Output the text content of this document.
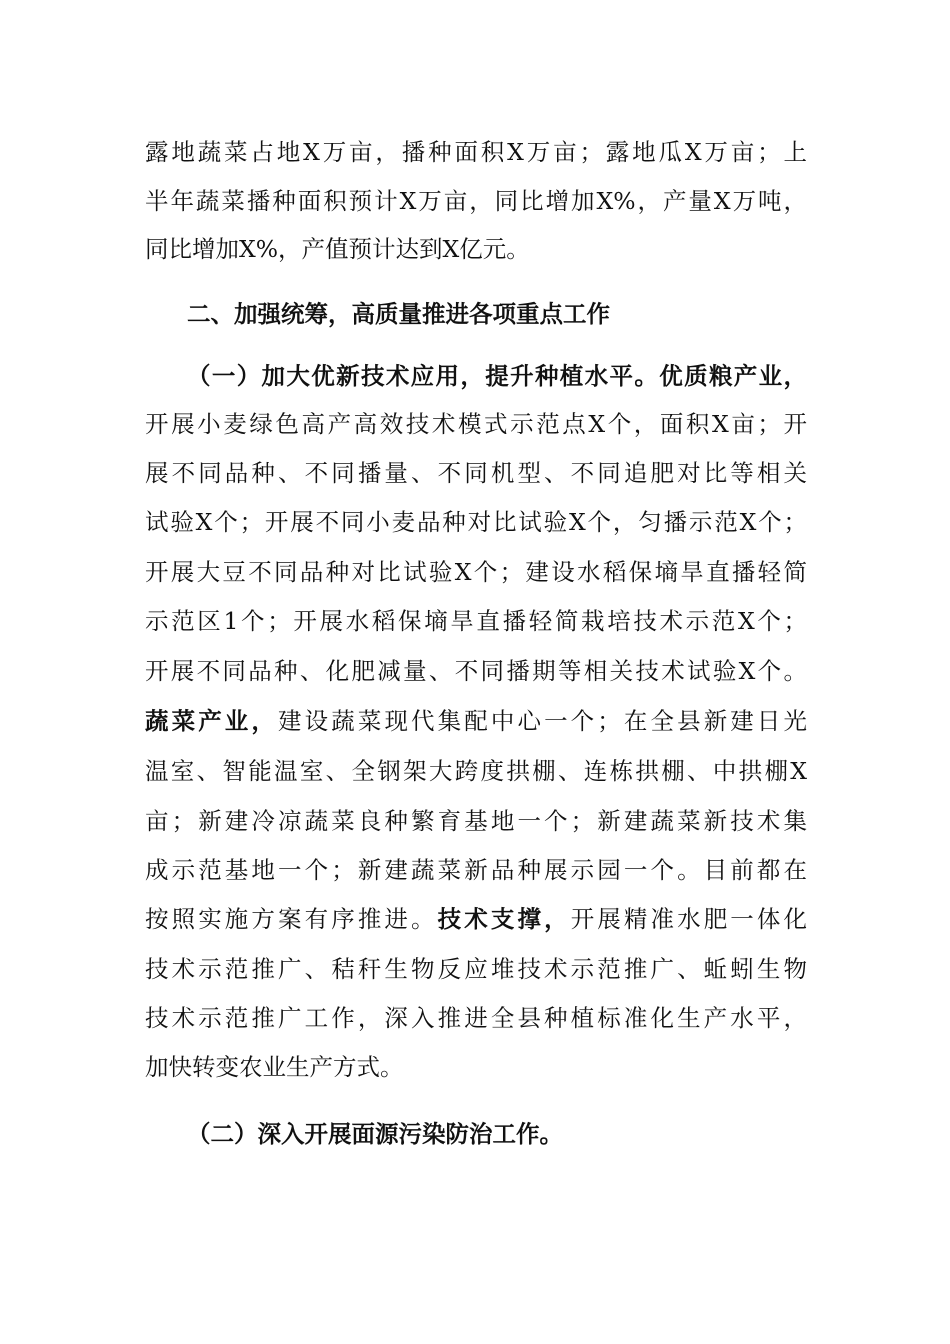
露地蔬菜占地X万亩，播种面积X万亩；露地瓜X万亩；上
半年蔬菜播种面积预计X万亩，同比增加X%，产量X万吨，
同比增加X%，产值预计达到X亿元。
二、加强统筹，高质量推进各项重点工作
（一）加大优新技术应用，提升种植水平。优质粮产业，
开展小麦绿色高产高效技术模式示范点X个，面积X亩；开
展不同品种、不同播量、不同机型、不同追肥对比等相关
试验X个；开展不同小麦品种对比试验X个，匀播示范X个；
开展大豆不同品种对比试验X个；建设水稻保墒旱直播轻简
示范区1个；开展水稻保墒旱直播轻简栽培技术示范X个；
开展不同品种、化肥减量、不同播期等相关技术试验X个。
蔬菜产业，建设蔬菜现代集配中心一个；在全县新建日光
温室、智能温室、全钢架大跨度拱棚、连栋拱棚、中拱棚X
亩；新建冷凉蔬菜良种繁育基地一个；新建蔬菜新技术集
成示范基地一个；新建蔬菜新品种展示园一个。目前都在
按照实施方案有序推进。技术支撑，开展精准水肥一体化
技术示范推广、秸秆生物反应堆技术示范推广、蚯蚓生物
技术示范推广工作，深入推进全县种植标准化生产水平，
加快转变农业生产方式。
（二）深入开展面源污染防治工作。
